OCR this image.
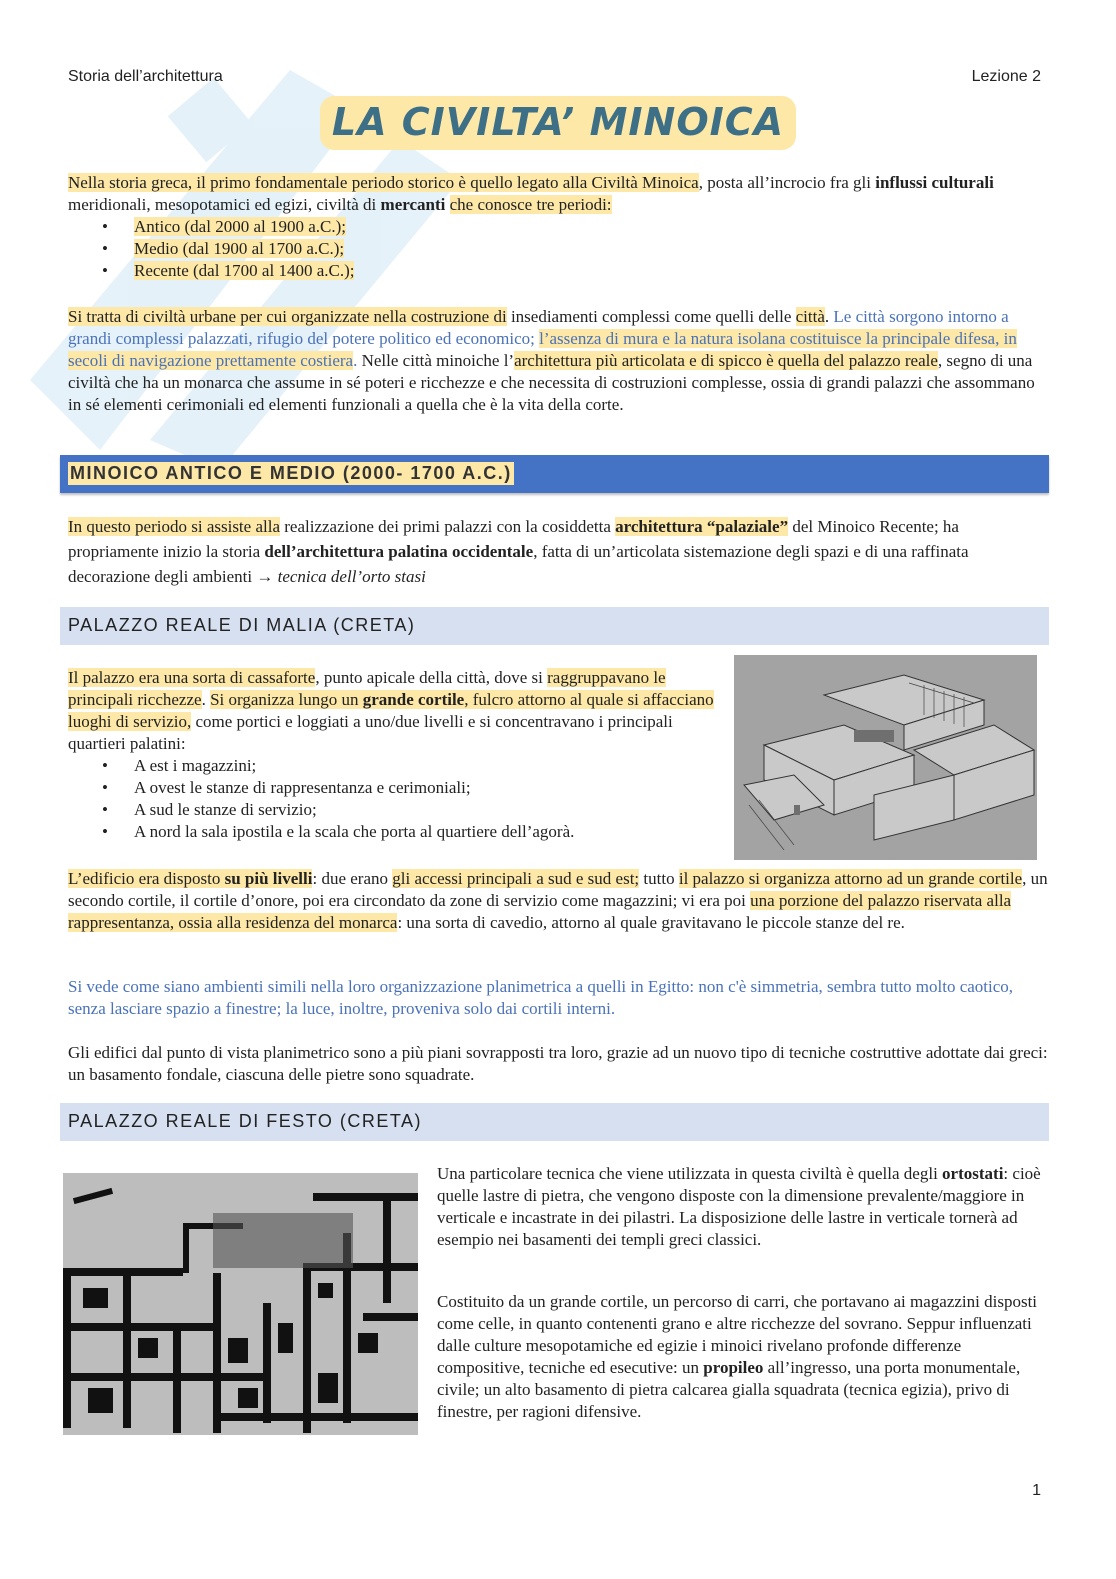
Storia dell’architettura	Lezione 2
LA CIVILTA’ MINOICA
Nella storia greca, il primo fondamentale periodo storico è quello legato alla Civiltà Minoica, posta all’incrocio fra gli influssi culturali meridionali, mesopotamici ed egizi, civiltà di mercanti che conosce tre periodi:
• Antico (dal 2000 al 1900 a.C.);
• Medio (dal 1900 al 1700 a.C.);
• Recente (dal 1700 al 1400 a.C.);
Si tratta di civiltà urbane per cui organizzate nella costruzione di insediamenti complessi come quelli delle città. Le città sorgono intorno a grandi complessi palazzati, rifugio del potere politico ed economico; l’assenza di mura e la natura isolana costituisce la principale difesa, in secoli di navigazione prettamente costiera. Nelle città minoiche l’architettura più articolata e di spicco è quella del palazzo reale, segno di una civiltà che ha un monarca che assume in sé poteri e ricchezze e che necessita di costruzioni complesse, ossia di grandi palazzi che assommano in sé elementi cerimoniali ed elementi funzionali a quella che è la vita della corte.
MINOICO ANTICO E MEDIO (2000- 1700 A.C.)
In questo periodo si assiste alla realizzazione dei primi palazzi con la cosiddetta architettura “palaziale” del Minoico Recente; ha propriamente inizio la storia dell’architettura palatina occidentale, fatta di un’articolata sistemazione degli spazi e di una raffinata decorazione degli ambienti → tecnica dell’orto stasi
PALAZZO REALE DI MALIA (CRETA)
Il palazzo era una sorta di cassaforte, punto apicale della città, dove si raggruppavano le principali ricchezze. Si organizza lungo un grande cortile, fulcro attorno al quale si affacciano luoghi di servizio, come portici e loggiati a uno/due livelli e si concentravano i principali quartieri palatini:
• A est i magazzini;
• A ovest le stanze di rappresentanza e cerimoniali;
• A sud le stanze di servizio;
• A nord la sala ipostila e la scala che porta al quartiere dell’agorà.
L’edificio era disposto su più livelli: due erano gli accessi principali a sud e sud est; tutto il palazzo si organizza attorno ad un grande cortile, un secondo cortile, il cortile d’onore, poi era circondato da zone di servizio come magazzini; vi era poi una porzione del palazzo riservata alla rappresentanza, ossia alla residenza del monarca: una sorta di cavedio, attorno al quale gravitavano le piccole stanze del re.
Si vede come siano ambienti simili nella loro organizzazione planimetrica a quelli in Egitto: non c'è simmetria, sembra tutto molto caotico, senza lasciare spazio a finestre; la luce, inoltre, proveniva solo dai cortili interni.
Gli edifici dal punto di vista planimetrico sono a più piani sovrapposti tra loro, grazie ad un nuovo tipo di tecniche costruttive adottate dai greci: un basamento fondale, ciascuna delle pietre sono squadrate.
PALAZZO REALE DI FESTO (CRETA)
Una particolare tecnica che viene utilizzata in questa civiltà è quella degli ortostati: cioè quelle lastre di pietra, che vengono disposte con la dimensione prevalente/maggiore in verticale e incastrate in dei pilastri. La disposizione delle lastre in verticale tornerà ad esempio nei basamenti dei templi greci classici.
Costituito da un grande cortile, un percorso di carri, che portavano ai magazzini disposti come celle, in quanto contenenti grano e altre ricchezze del sovrano. Seppur influenzati dalle culture mesopotamiche ed egizie i minoici rivelano profonde differenze compositive, tecniche ed esecutive: un propileo all’ingresso, una porta monumentale, civile; un alto basamento di pietra calcarea gialla squadrata (tecnica egizia), privo di finestre, per ragioni difensive.
1
